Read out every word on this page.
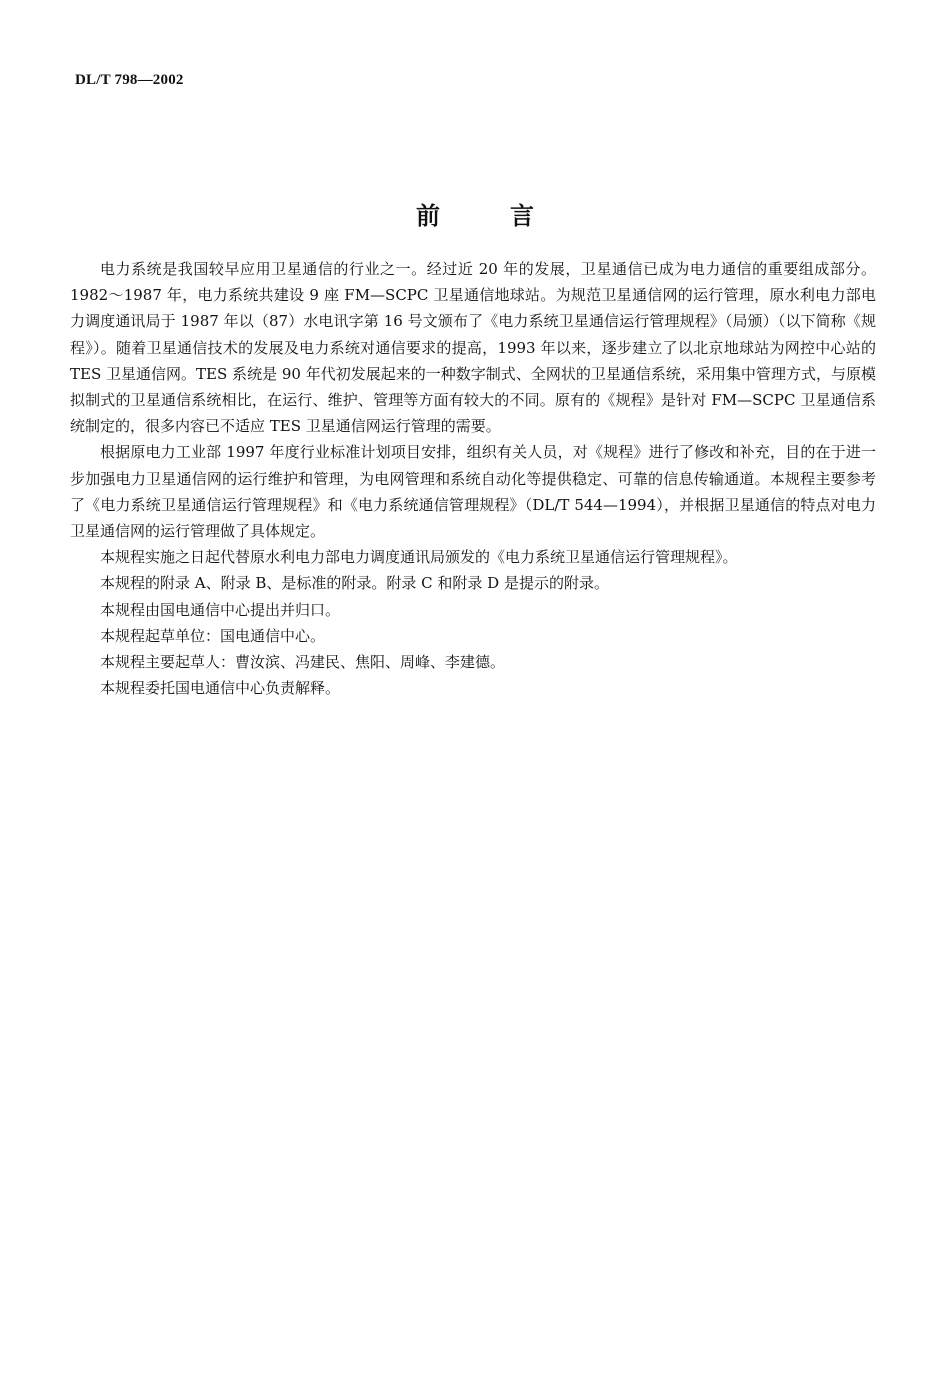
DL/T 798—2002
前言

电力系统是我国较早应用卫星通信的行业之一。经过近 20 年的发展，卫星通信已成为电力通信的重要组成部分。1982～1987 年，电力系统共建设 9 座 FM—SCPC 卫星通信地球站。为规范卫星通信网的运行管理，原水利电力部电力调度通讯局于 1987 年以（87）水电讯字第 16 号文颁布了《电力系统卫星通信运行管理规程》（局颁）（以下简称《规程》）。随着卫星通信技术的发展及电力系统对通信要求的提高，1993 年以来，逐步建立了以北京地球站为网控中心站的 TES 卫星通信网。TES 系统是 90 年代初发展起来的一种数字制式、全网状的卫星通信系统，采用集中管理方式，与原模拟制式的卫星通信系统相比，在运行、维护、管理等方面有较大的不同。原有的《规程》是针对 FM—SCPC 卫星通信系统制定的，很多内容已不适应 TES 卫星通信网运行管理的需要。

根据原电力工业部 1997 年度行业标准计划项目安排，组织有关人员，对《规程》进行了修改和补充，目的在于进一步加强电力卫星通信网的运行维护和管理，为电网管理和系统自动化等提供稳定、可靠的信息传输通道。本规程主要参考了《电力系统卫星通信运行管理规程》和《电力系统通信管理规程》（DL/T 544—1994），并根据卫星通信的特点对电力卫星通信网的运行管理做了具体规定。

本规程实施之日起代替原水利电力部电力调度通讯局颁发的《电力系统卫星通信运行管理规程》。

本规程的附录 A、附录 B、是标准的附录。附录 C 和附录 D 是提示的附录。

本规程由国电通信中心提出并归口。

本规程起草单位：国电通信中心。

本规程主要起草人：曹汝滨、冯建民、焦阳、周峰、李建德。

本规程委托国电通信中心负责解释。
